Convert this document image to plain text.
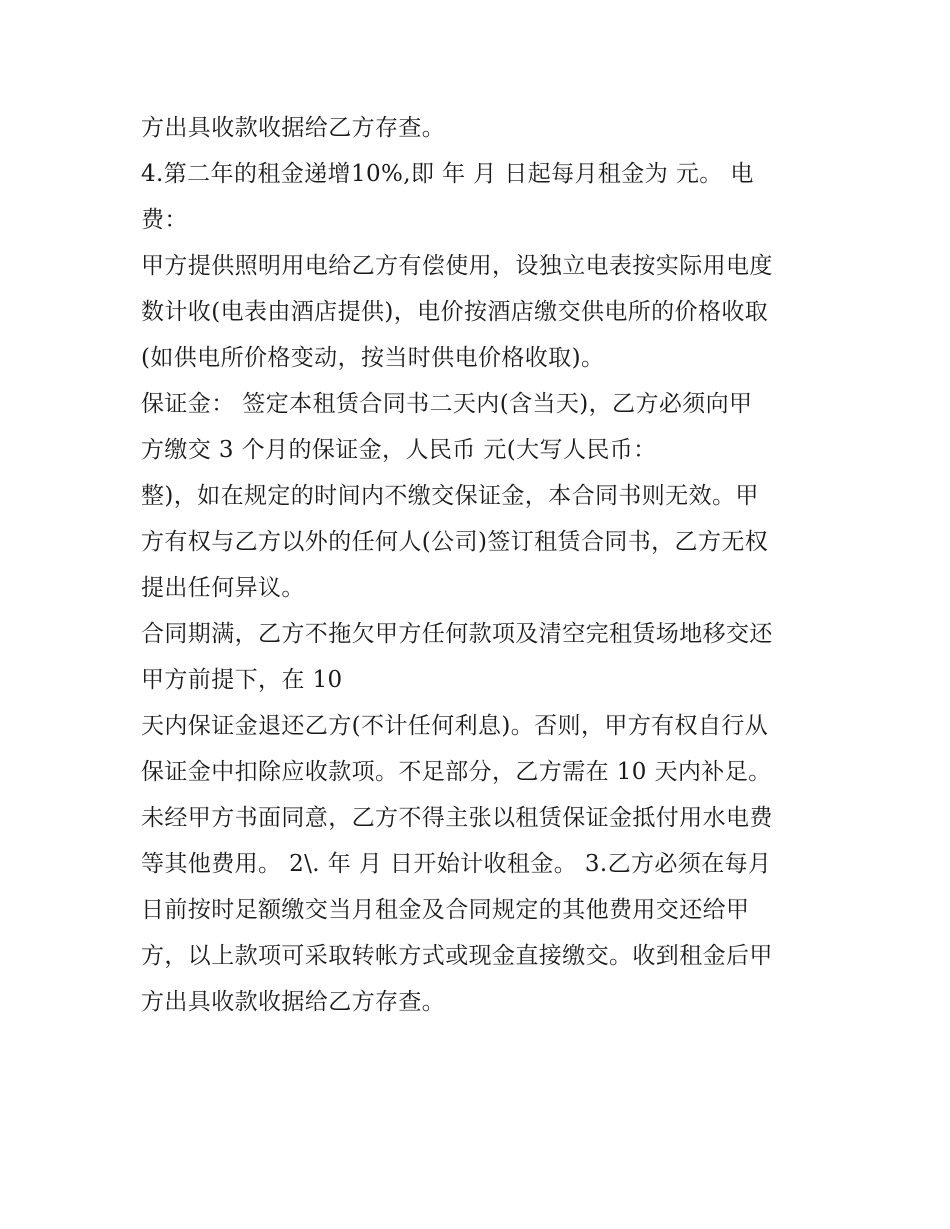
方出具收款收据给乙方存查。
4.第二年的租金递增10%,即 年 月 日起每月租金为 元。 电
费：
甲方提供照明用电给乙方有偿使用，设独立电表按实际用电度
数计收(电表由酒店提供)，电价按酒店缴交供电所的价格收取
(如供电所价格变动，按当时供电价格收取)。
保证金： 签定本租赁合同书二天内(含当天)，乙方必须向甲
方缴交 3 个月的保证金，人民币 元(大写人民币：
整)，如在规定的时间内不缴交保证金，本合同书则无效。甲
方有权与乙方以外的任何人(公司)签订租赁合同书，乙方无权
提出任何异议。
合同期满，乙方不拖欠甲方任何款项及清空完租赁场地移交还
甲方前提下，在 10
天内保证金退还乙方(不计任何利息)。否则，甲方有权自行从
保证金中扣除应收款项。不足部分，乙方需在 10 天内补足。
未经甲方书面同意，乙方不得主张以租赁保证金抵付用水电费
等其他费用。 2\. 年 月 日开始计收租金。 3.乙方必须在每月
日前按时足额缴交当月租金及合同规定的其他费用交还给甲
方，以上款项可采取转帐方式或现金直接缴交。收到租金后甲
方出具收款收据给乙方存查。
